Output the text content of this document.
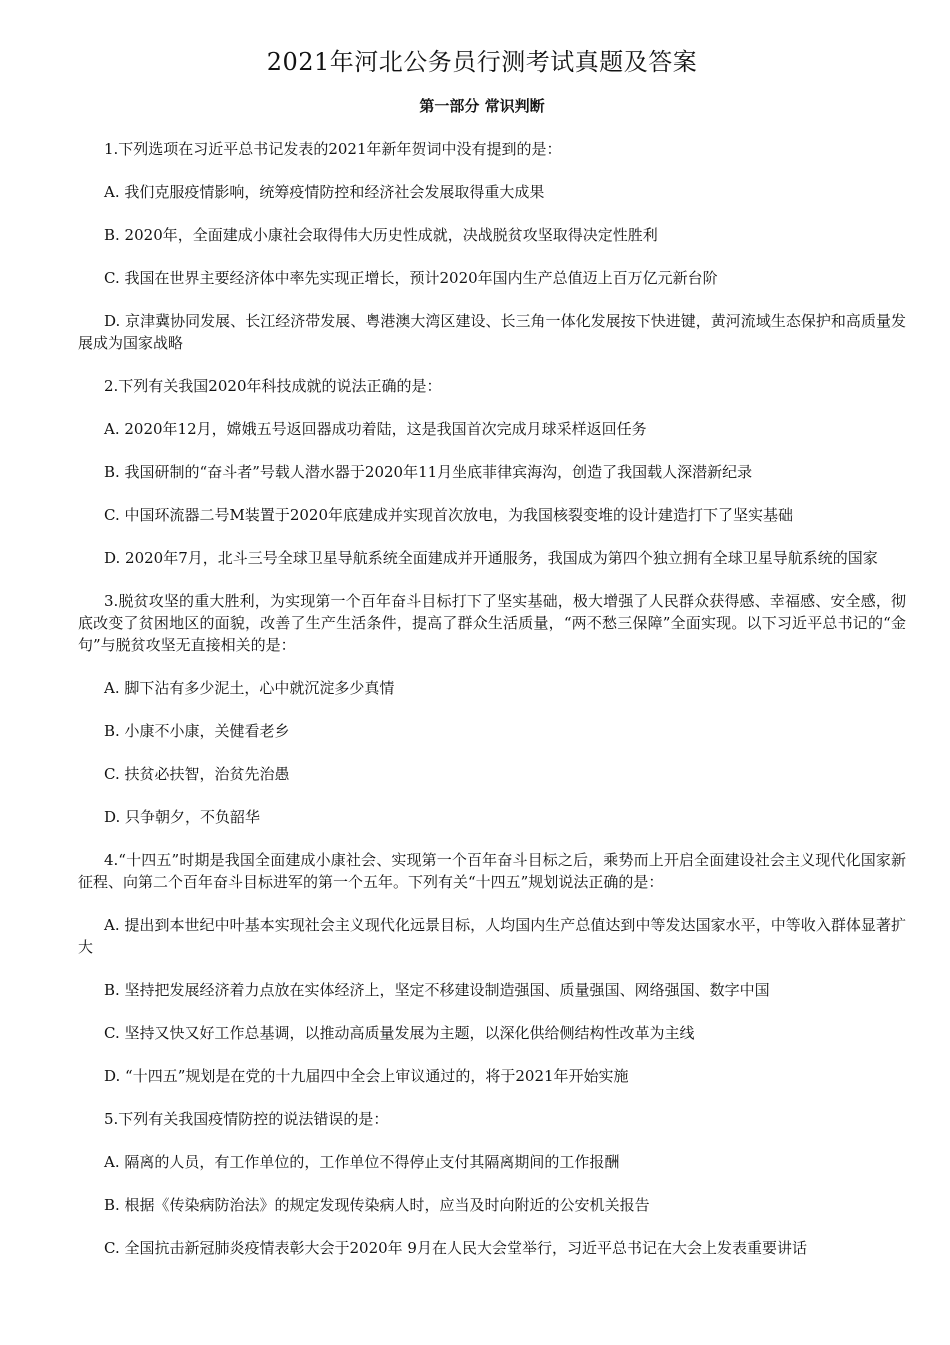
2021年河北公务员行测考试真题及答案
第一部分 常识判断

1.下列选项在习近平总书记发表的2021年新年贺词中没有提到的是：

A. 我们克服疫情影响，统筹疫情防控和经济社会发展取得重大成果

B. 2020年，全面建成小康社会取得伟大历史性成就，决战脱贫攻坚取得决定性胜利

C. 我国在世界主要经济体中率先实现正增长，预计2020年国内生产总值迈上百万亿元新台阶

D. 京津冀协同发展、长江经济带发展、粤港澳大湾区建设、长三角一体化发展按下快进键，黄河流域生态保护和高质量发展成为国家战略

2.下列有关我国2020年科技成就的说法正确的是：

A. 2020年12月，嫦娥五号返回器成功着陆，这是我国首次完成月球采样返回任务

B. 我国研制的“奋斗者”号载人潜水器于2020年11月坐底菲律宾海沟，创造了我国载人深潜新纪录

C. 中国环流器二号M装置于2020年底建成并实现首次放电，为我国核裂变堆的设计建造打下了坚实基础

D. 2020年7月，北斗三号全球卫星导航系统全面建成并开通服务，我国成为第四个独立拥有全球卫星导航系统的国家

3.脱贫攻坚的重大胜利，为实现第一个百年奋斗目标打下了坚实基础，极大增强了人民群众获得感、幸福感、安全感，彻底改变了贫困地区的面貌，改善了生产生活条件，提高了群众生活质量，“两不愁三保障”全面实现。以下习近平总书记的“金句”与脱贫攻坚无直接相关的是：

A. 脚下沾有多少泥土，心中就沉淀多少真情

B. 小康不小康，关健看老乡

C. 扶贫必扶智，治贫先治愚

D. 只争朝夕，不负韶华

4.“十四五”时期是我国全面建成小康社会、实现第一个百年奋斗目标之后，乘势而上开启全面建设社会主义现代化国家新征程、向第二个百年奋斗目标进军的第一个五年。下列有关“十四五”规划说法正确的是：

A. 提出到本世纪中叶基本实现社会主义现代化远景目标，人均国内生产总值达到中等发达国家水平，中等收入群体显著扩大

B. 坚持把发展经济着力点放在实体经济上，坚定不移建设制造强国、质量强国、网络强国、数字中国

C. 坚持又快又好工作总基调，以推动高质量发展为主题，以深化供给侧结构性改革为主线

D. “十四五”规划是在党的十九届四中全会上审议通过的，将于2021年开始实施

5.下列有关我国疫情防控的说法错误的是：

A. 隔离的人员，有工作单位的，工作单位不得停止支付其隔离期间的工作报酬

B. 根据《传染病防治法》的规定发现传染病人时，应当及时向附近的公安机关报告

C. 全国抗击新冠肺炎疫情表彰大会于2020年 9月在人民大会堂举行，习近平总书记在大会上发表重要讲话
